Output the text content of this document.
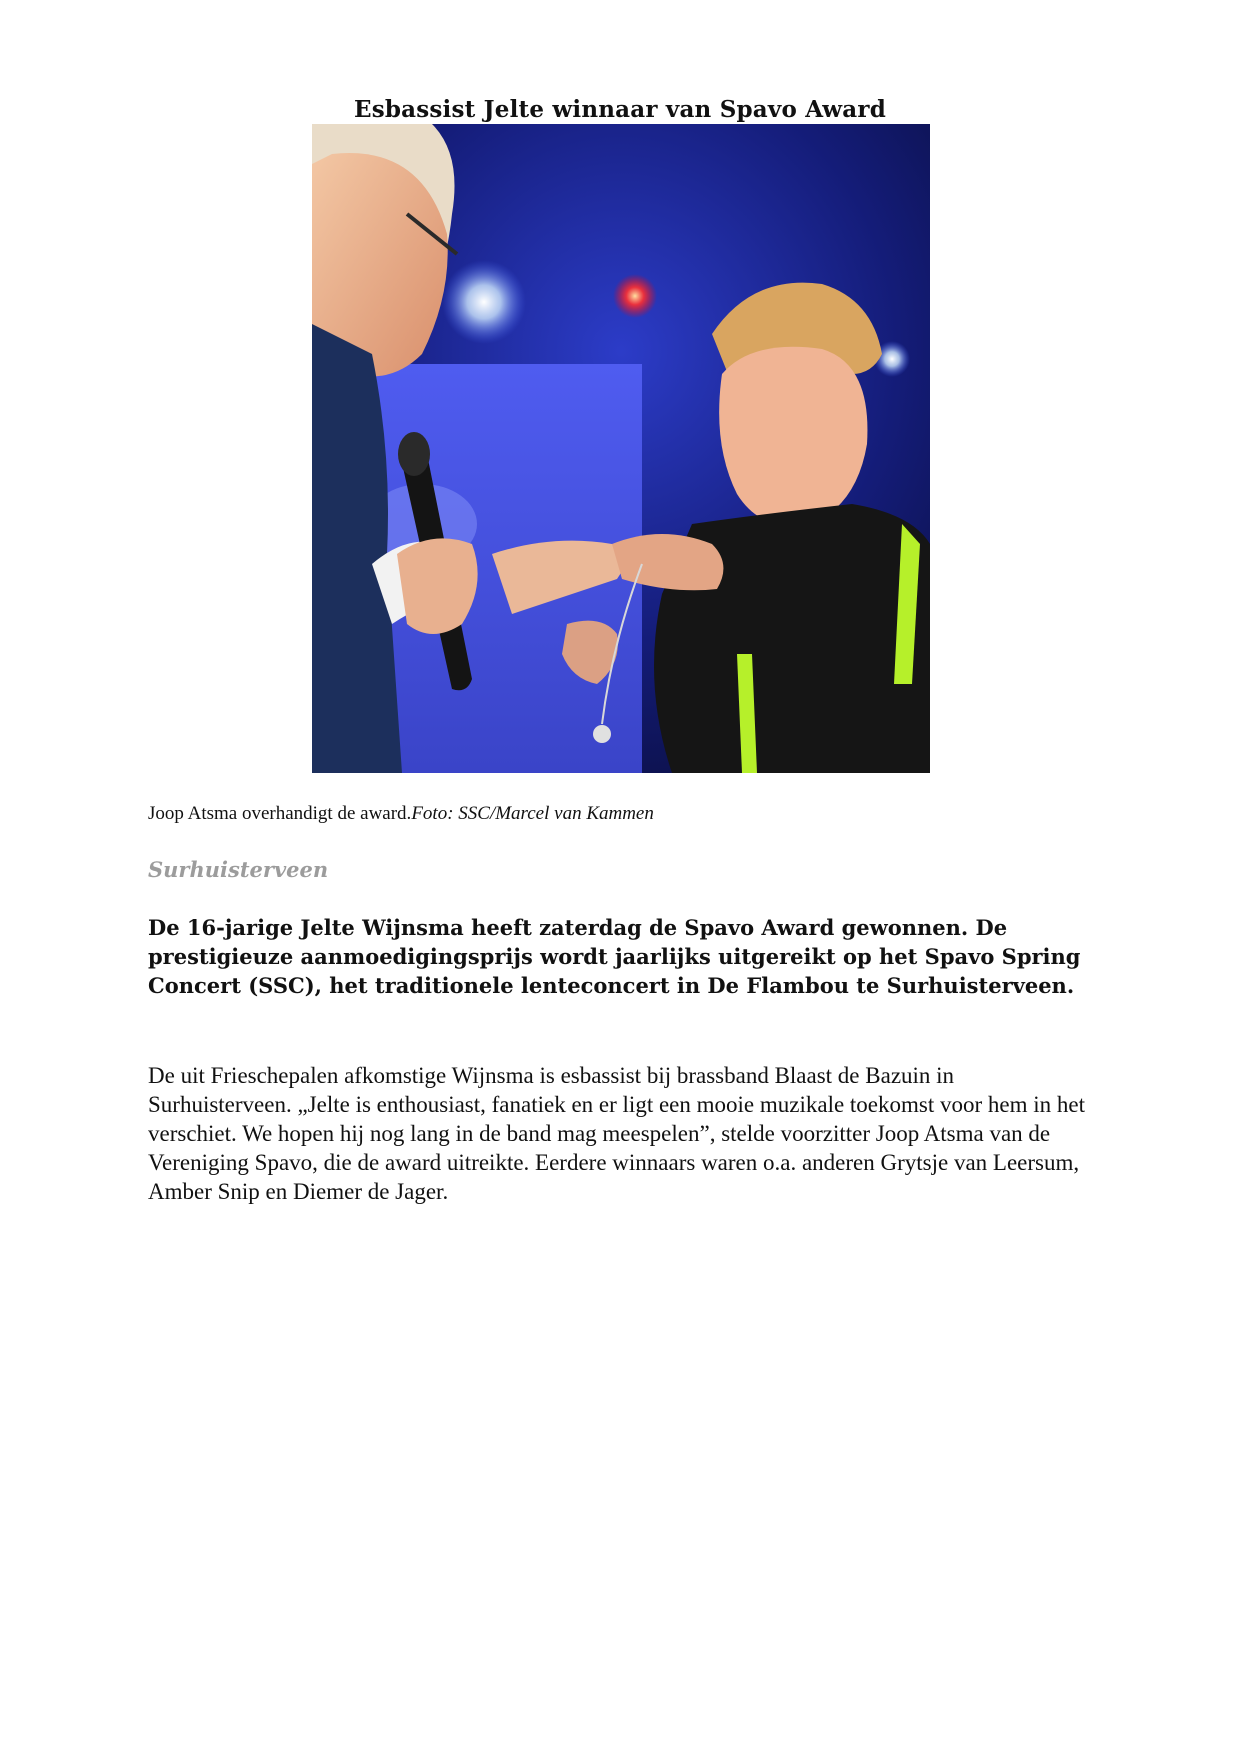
Esbassist Jelte winnaar van Spavo Award

Joop Atsma overhandigt de award.Foto: SSC/Marcel van Kammen

Surhuisterveen

De 16-jarige Jelte Wijnsma heeft zaterdag de Spavo Award gewonnen. De prestigieuze aanmoedigingsprijs wordt jaarlijks uitgereikt op het Spavo Spring Concert (SSC), het traditionele lenteconcert in De Flambou te Surhuisterveen.

De uit Frieschepalen afkomstige Wijnsma is esbassist bij brassband Blaast de Bazuin in Surhuisterveen. „Jelte is enthousiast, fanatiek en er ligt een mooie muzikale toekomst voor hem in het verschiet. We hopen hij nog lang in de band mag meespelen”, stelde voorzitter Joop Atsma van de Vereniging Spavo, die de award uitreikte. Eerdere winnaars waren o.a. anderen Grytsje van Leersum, Amber Snip en Diemer de Jager.
